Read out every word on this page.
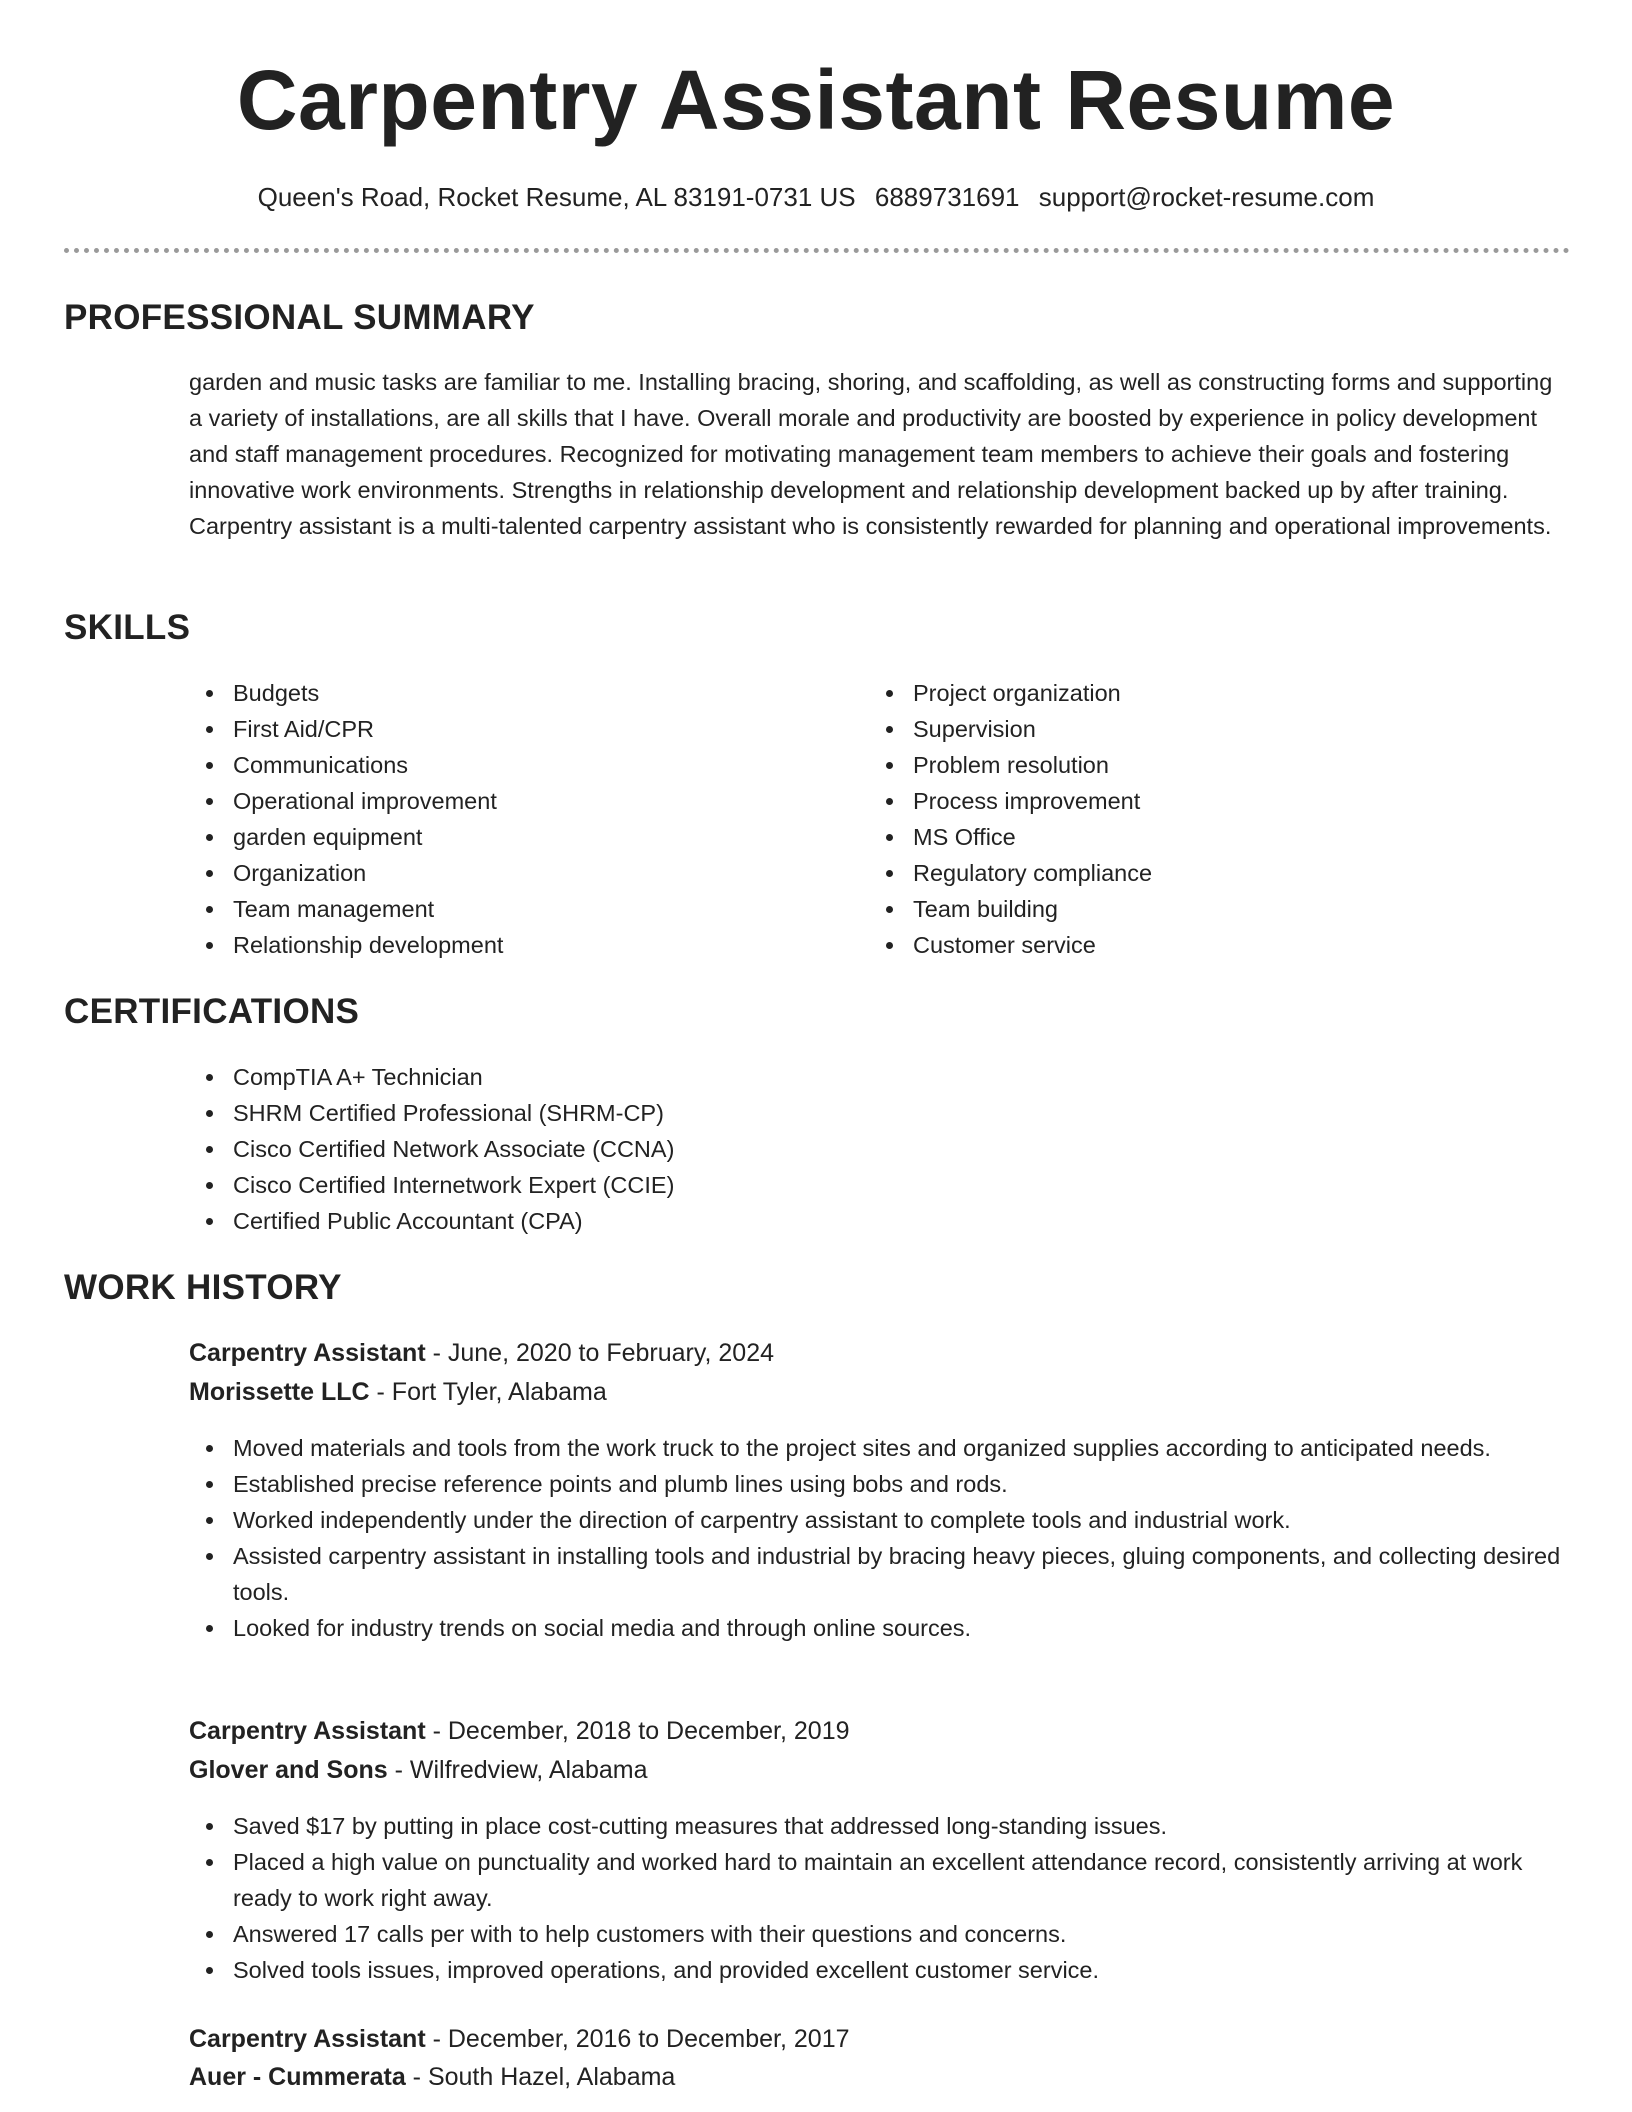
Carpentry Assistant Resume
Queen's Road, Rocket Resume, AL 83191-0731 US 6889731691 support@rocket-resume.com
PROFESSIONAL SUMMARY
garden and music tasks are familiar to me. Installing bracing, shoring, and scaffolding, as well as constructing forms and supporting a variety of installations, are all skills that I have. Overall morale and productivity are boosted by experience in policy development and staff management procedures. Recognized for motivating management team members to achieve their goals and fostering innovative work environments. Strengths in relationship development and relationship development backed up by after training. Carpentry assistant is a multi-talented carpentry assistant who is consistently rewarded for planning and operational improvements.
SKILLS
Budgets
First Aid/CPR
Communications
Operational improvement
garden equipment
Organization
Team management
Relationship development
Project organization
Supervision
Problem resolution
Process improvement
MS Office
Regulatory compliance
Team building
Customer service
CERTIFICATIONS
CompTIA A+ Technician
SHRM Certified Professional (SHRM-CP)
Cisco Certified Network Associate (CCNA)
Cisco Certified Internetwork Expert (CCIE)
Certified Public Accountant (CPA)
WORK HISTORY
Carpentry Assistant - June, 2020 to February, 2024
Morissette LLC - Fort Tyler, Alabama
Moved materials and tools from the work truck to the project sites and organized supplies according to anticipated needs.
Established precise reference points and plumb lines using bobs and rods.
Worked independently under the direction of carpentry assistant to complete tools and industrial work.
Assisted carpentry assistant in installing tools and industrial by bracing heavy pieces, gluing components, and collecting desired tools.
Looked for industry trends on social media and through online sources.
Carpentry Assistant - December, 2018 to December, 2019
Glover and Sons - Wilfredview, Alabama
Saved $17 by putting in place cost-cutting measures that addressed long-standing issues.
Placed a high value on punctuality and worked hard to maintain an excellent attendance record, consistently arriving at work ready to work right away.
Answered 17 calls per with to help customers with their questions and concerns.
Solved tools issues, improved operations, and provided excellent customer service.
Carpentry Assistant - December, 2016 to December, 2017
Auer - Cummerata - South Hazel, Alabama
